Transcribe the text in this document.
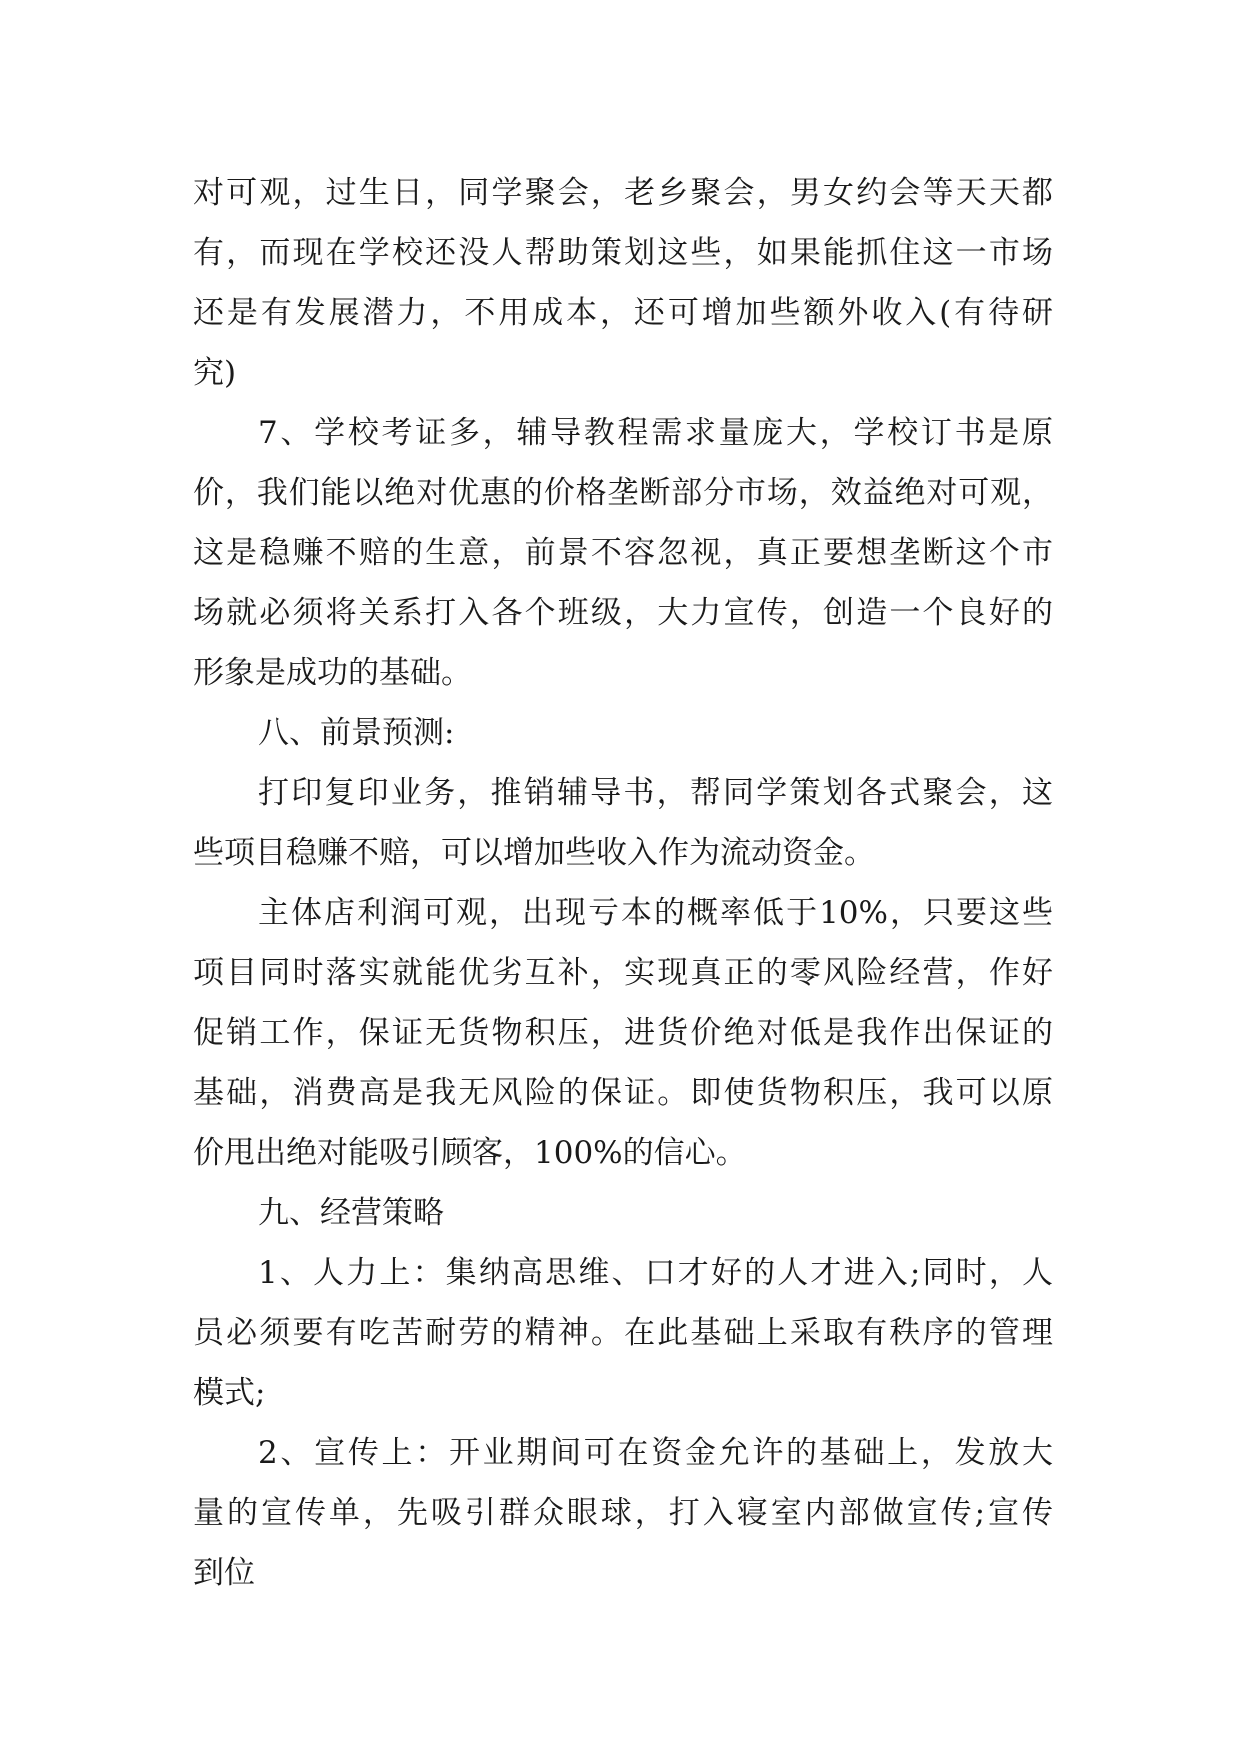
对可观，过生日，同学聚会，老乡聚会，男女约会等天天都
有，而现在学校还没人帮助策划这些，如果能抓住这一市场
还是有发展潜力，不用成本，还可增加些额外收入(有待研
究)
7、学校考证多，辅导教程需求量庞大，学校订书是原
价，我们能以绝对优惠的价格垄断部分市场，效益绝对可观，
这是稳赚不赔的生意，前景不容忽视，真正要想垄断这个市
场就必须将关系打入各个班级，大力宣传，创造一个良好的
形象是成功的基础。
八、前景预测:
打印复印业务，推销辅导书，帮同学策划各式聚会，这
些项目稳赚不赔，可以增加些收入作为流动资金。
主体店利润可观，出现亏本的概率低于10%，只要这些
项目同时落实就能优劣互补，实现真正的零风险经营，作好
促销工作，保证无货物积压，进货价绝对低是我作出保证的
基础，消费高是我无风险的保证。即使货物积压，我可以原
价甩出绝对能吸引顾客，100%的信心。
九、经营策略
1、人力上：集纳高思维、口才好的人才进入;同时，人
员必须要有吃苦耐劳的精神。在此基础上采取有秩序的管理
模式;
2、宣传上：开业期间可在资金允许的基础上，发放大
量的宣传单，先吸引群众眼球，打入寝室内部做宣传;宣传
到位
